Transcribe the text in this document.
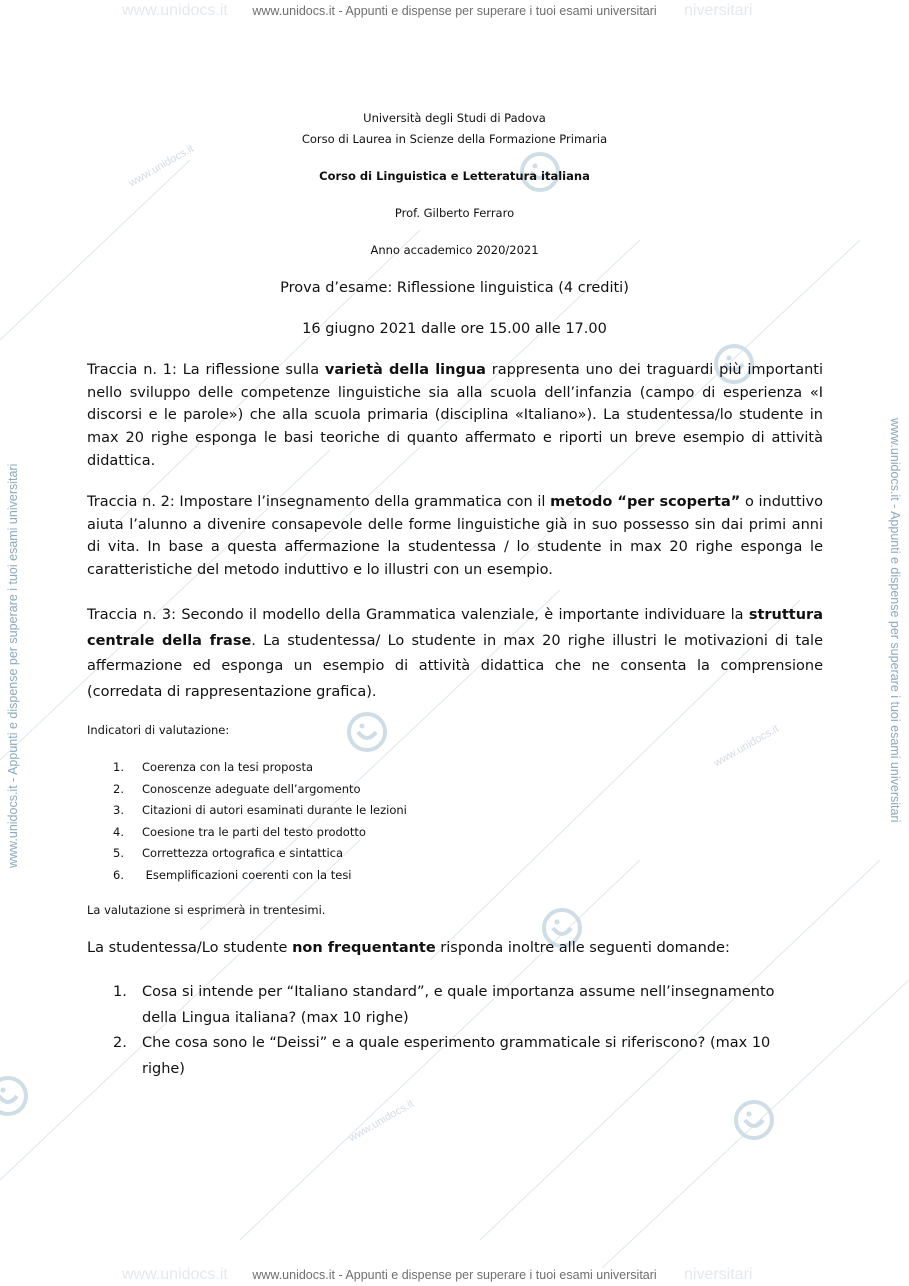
www.unidocs.it
www.unidocs.it
www.unidocs.it
www.unidocs.it www.unidocs.it - Appunti e dispense per superare i tuoi esami universitari niversitari
www.unidocs.it www.unidocs.it - Appunti e dispense per superare i tuoi esami universitari niversitari
www.unidocs.it - Appunti e dispense per superare i tuoi esami universitari	www.unidocs.it - Appunti e dispense per superare i tuoi esami universitari
Università degli Studi di Padova
Corso di Laurea in Scienze della Formazione Primaria
Corso di Linguistica e Letteratura italiana
Prof. Gilberto Ferraro
Anno accademico 2020/2021
Prova d’esame: Riflessione linguistica (4 crediti)
16 giugno 2021 dalle ore 15.00 alle 17.00

Traccia n. 1: La riflessione sulla varietà della lingua rappresenta uno dei traguardi più importanti nello sviluppo delle competenze linguistiche sia alla scuola dell’infanzia (campo di esperienza «I discorsi e le parole») che alla scuola primaria (disciplina «Italiano»). La studentessa/lo studente in max 20 righe esponga le basi teoriche di quanto affermato e riporti un breve esempio di attività didattica.

Traccia n. 2: Impostare l’insegnamento della grammatica con il metodo “per scoperta” o induttivo aiuta l’alunno a divenire consapevole delle forme linguistiche già in suo possesso sin dai primi anni di vita. In base a questa affermazione la studentessa / lo studente in max 20 righe esponga le caratteristiche del metodo induttivo e lo illustri con un esempio.

Traccia n. 3: Secondo il modello della Grammatica valenziale, è importante individuare la struttura centrale della frase. La studentessa/ Lo studente in max 20 righe illustri le motivazioni di tale affermazione ed esponga un esempio di attività didattica che ne consenta la comprensione (corredata di rappresentazione grafica).

Indicatori di valutazione:
1. Coerenza con la tesi proposta
2. Conoscenze adeguate dell’argomento
3. Citazioni di autori esaminati durante le lezioni
4. Coesione tra le parti del testo prodotto
5. Correttezza ortografica e sintattica
6. Esemplificazioni coerenti con la tesi
La valutazione si esprimerà in trentesimi.
La studentessa/Lo studente non frequentante risponda inoltre alle seguenti domande:
1. Cosa si intende per “Italiano standard”, e quale importanza assume nell’insegnamento della Lingua italiana? (max 10 righe)
2. Che cosa sono le “Deissi” e a quale esperimento grammaticale si riferiscono? (max 10 righe)
